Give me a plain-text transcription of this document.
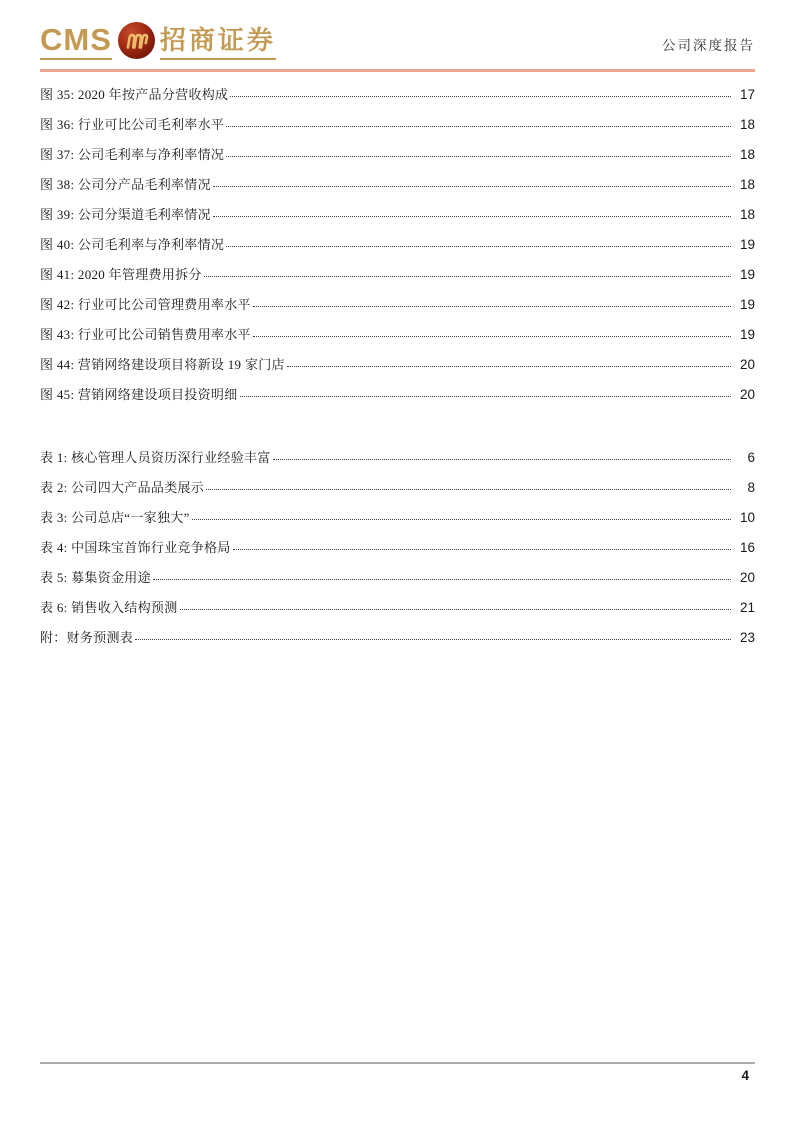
CMS 招商证券	公司深度报告
图 35: 2020 年按产品分营收构成	17
图 36: 行业可比公司毛利率水平	18
图 37: 公司毛利率与净利率情况	18
图 38: 公司分产品毛利率情况	18
图 39: 公司分渠道毛利率情况	18
图 40: 公司毛利率与净利率情况	19
图 41: 2020 年管理费用拆分	19
图 42: 行业可比公司管理费用率水平	19
图 43: 行业可比公司销售费用率水平	19
图 44: 营销网络建设项目将新设 19 家门店	20
图 45: 营销网络建设项目投资明细	20
表 1: 核心管理人员资历深行业经验丰富	6
表 2: 公司四大产品品类展示	8
表 3: 公司总店“一家独大”	10
表 4: 中国珠宝首饰行业竞争格局	16
表 5: 募集资金用途	20
表 6: 销售收入结构预测	21
附：财务预测表	23
4
